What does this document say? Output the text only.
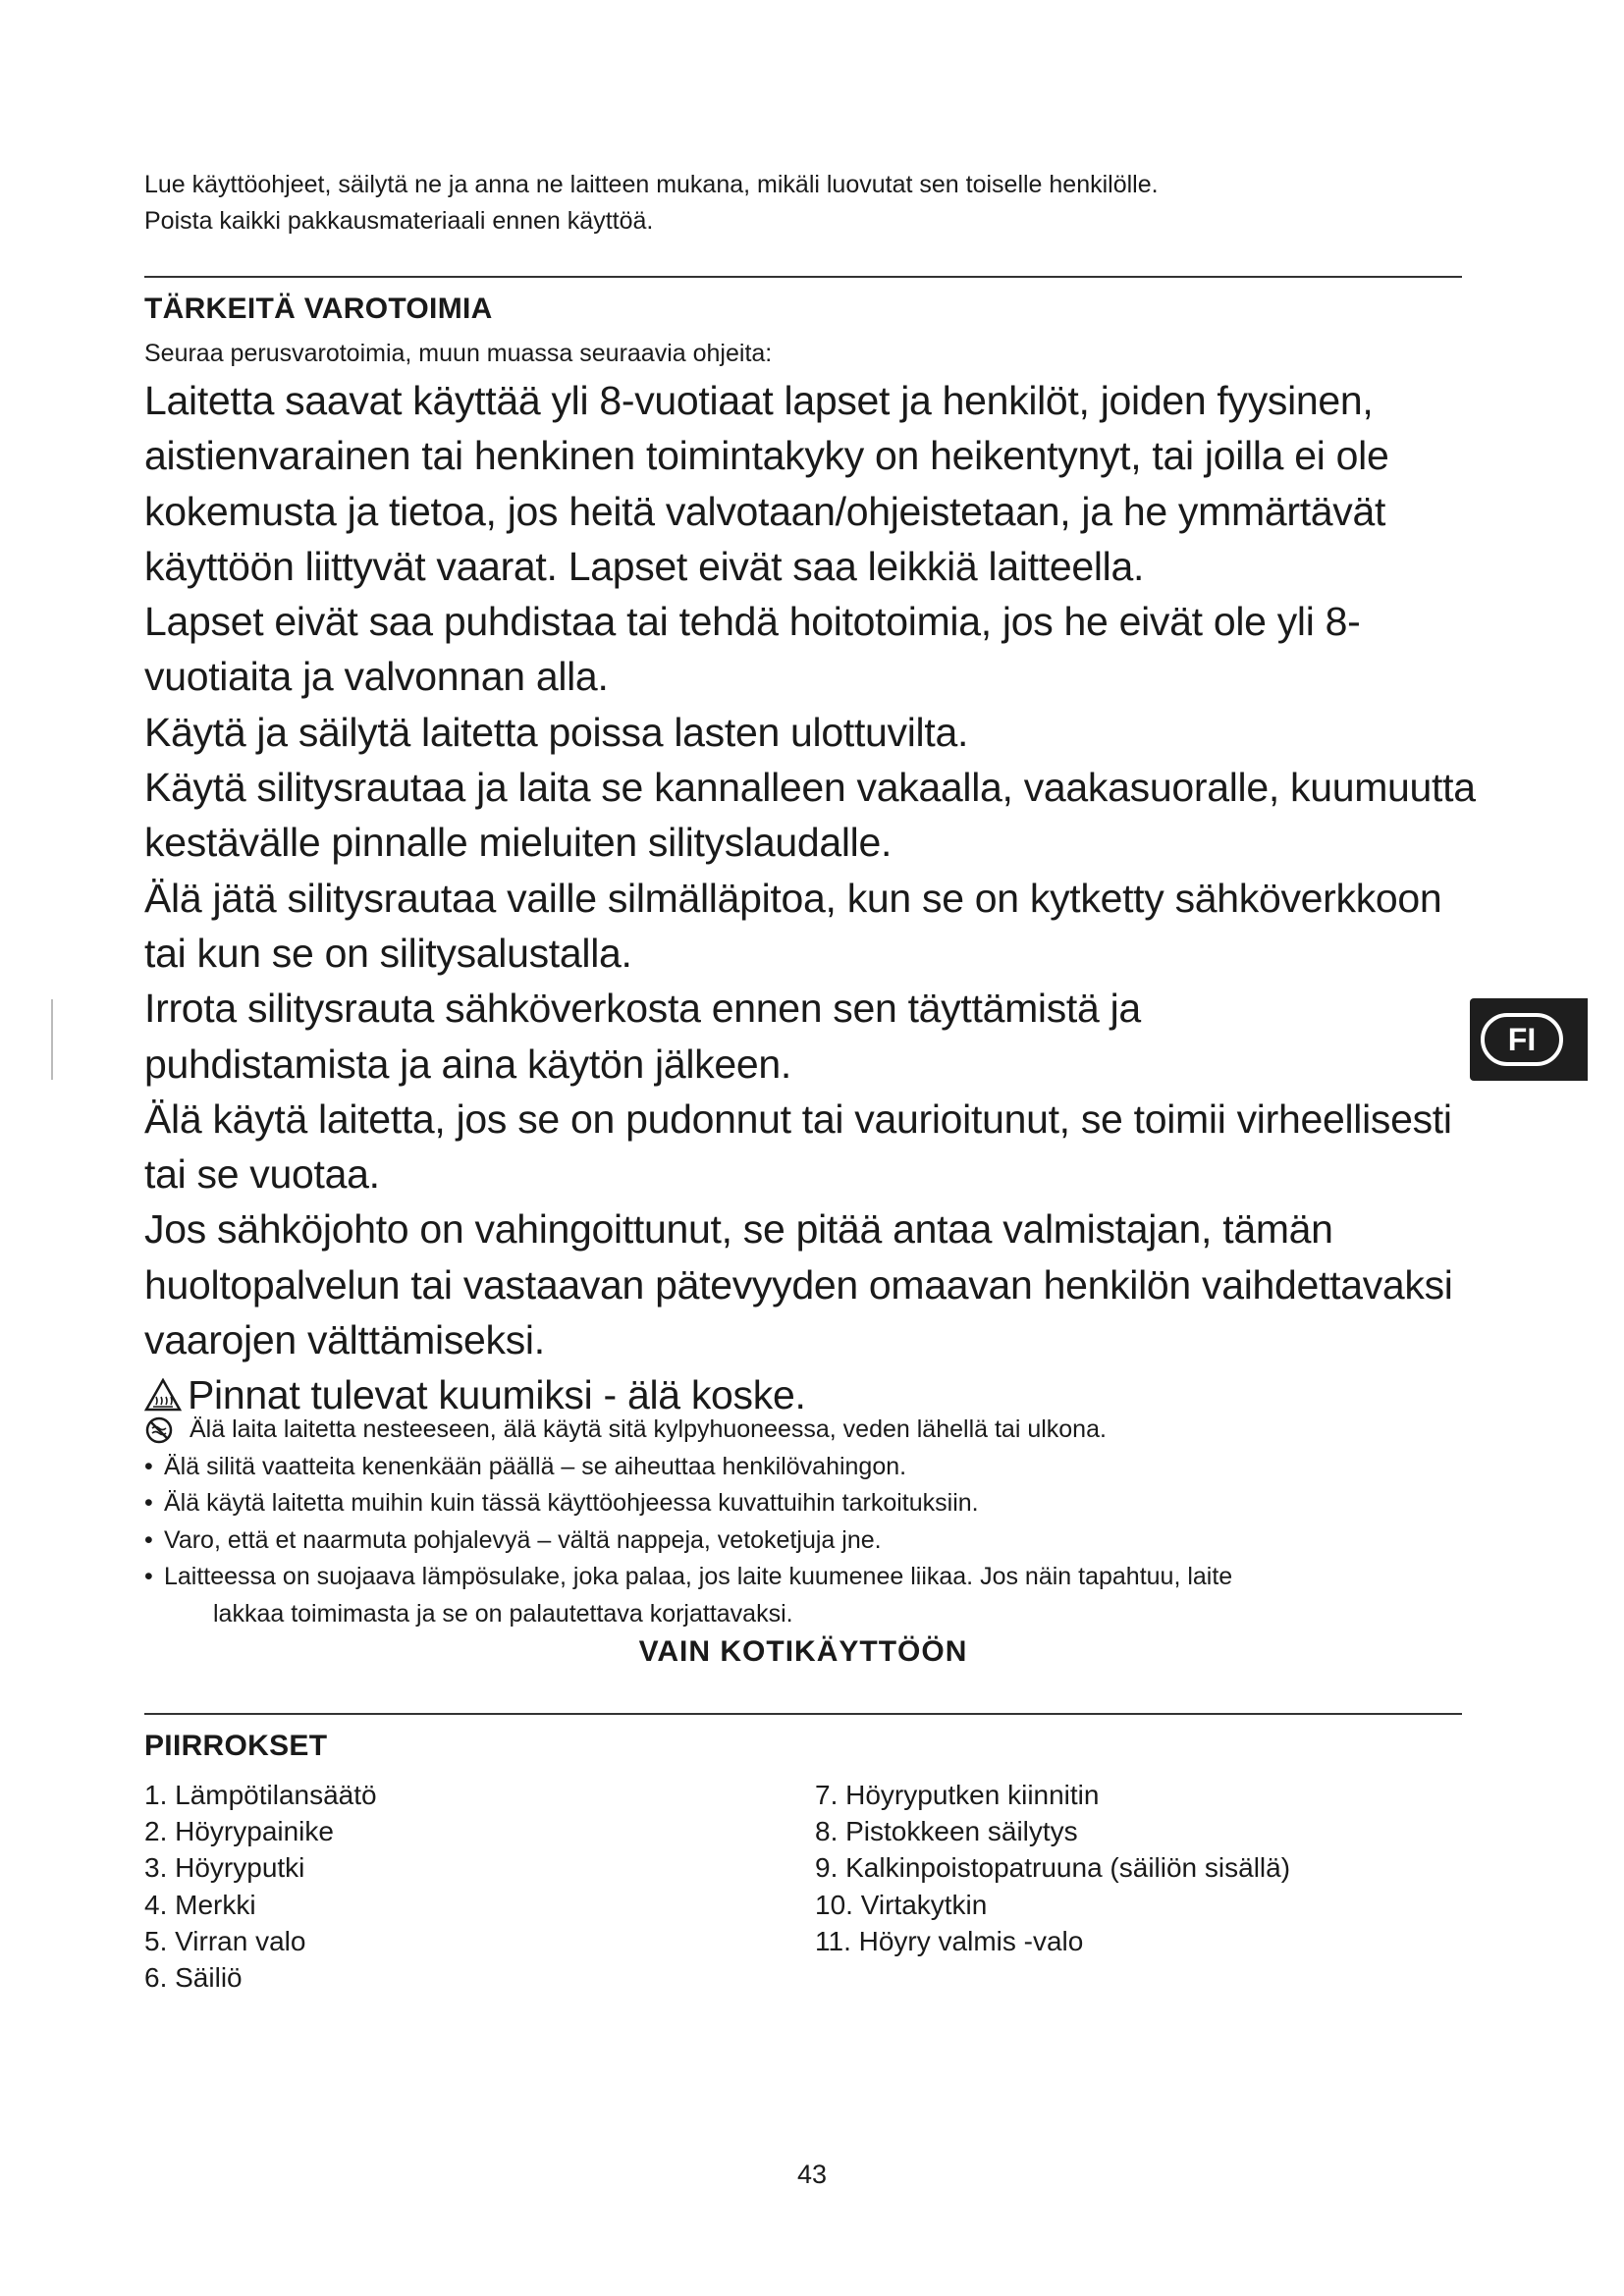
Lue käyttöohjeet, säilytä ne ja anna ne laitteen mukana, mikäli luovutat sen toiselle henkilölle.
Poista kaikki pakkausmateriaali ennen käyttöä.
TÄRKEITÄ VAROTOIMIA
Seuraa perusvarotoimia, muun muassa seuraavia ohjeita:

Laitetta saavat käyttää yli 8-vuotiaat lapset ja henkilöt, joiden fyysinen, aistienvarainen tai henkinen toimintakyky on heikentynyt, tai joilla ei ole kokemusta ja tietoa, jos heitä valvotaan/ohjeistetaan, ja he ymmärtävät käyttöön liittyvät vaarat. Lapset eivät saa leikkiä laitteella.

Lapset eivät saa puhdistaa tai tehdä hoitotoimia, jos he eivät ole yli 8-vuotiaita ja valvonnan alla.

Käytä ja säilytä laitetta poissa lasten ulottuvilta.

Käytä silitysrautaa ja laita se kannalleen vakaalla, vaakasuoralle, kuumuutta kestävälle pinnalle mieluiten silityslaudalle.

Älä jätä silitysrautaa vaille silmälläpitoa, kun se on kytketty sähköverkkoon tai kun se on silitysalustalla.

Irrota silitysrauta sähköverkosta ennen sen täyttämistä ja puhdistamista ja aina käytön jälkeen.

Älä käytä laitetta, jos se on pudonnut tai vaurioitunut, se toimii virheellisesti tai se vuotaa.

Jos sähköjohto on vahingoittunut, se pitää antaa valmistajan, tämän huoltopalvelun tai vastaavan pätevyyden omaavan henkilön vaihdettavaksi vaarojen välttämiseksi.

Pinnat tulevat kuumiksi - älä koske.

Älä laita laitetta nesteeseen, älä käytä sitä kylpyhuoneessa, veden lähellä tai ulkona.

• Älä silitä vaatteita kenenkään päällä – se aiheuttaa henkilövahingon.
• Älä käytä laitetta muihin kuin tässä käyttöohjeessa kuvattuihin tarkoituksiin.
• Varo, että et naarmuta pohjalevyä – vältä nappeja, vetoketjuja jne.
• Laitteessa on suojaava lämpösulake, joka palaa, jos laite kuumenee liikaa. Jos näin tapahtuu, laite
lakkaa toimimasta ja se on palautettava korjattavaksi.
VAIN KOTIKÄYTTÖÖN
PIIRROKSET
1. Lämpötilansäätö
2. Höyrypainike
3. Höyryputki
4. Merkki
5. Virran valo
6. Säiliö
7. Höyryputken kiinnitin
8. Pistokkeen säilytys
9. Kalkinpoistopatruuna (säiliön sisällä)
10. Virtakytkin
11. Höyry valmis -valo
FI
43
